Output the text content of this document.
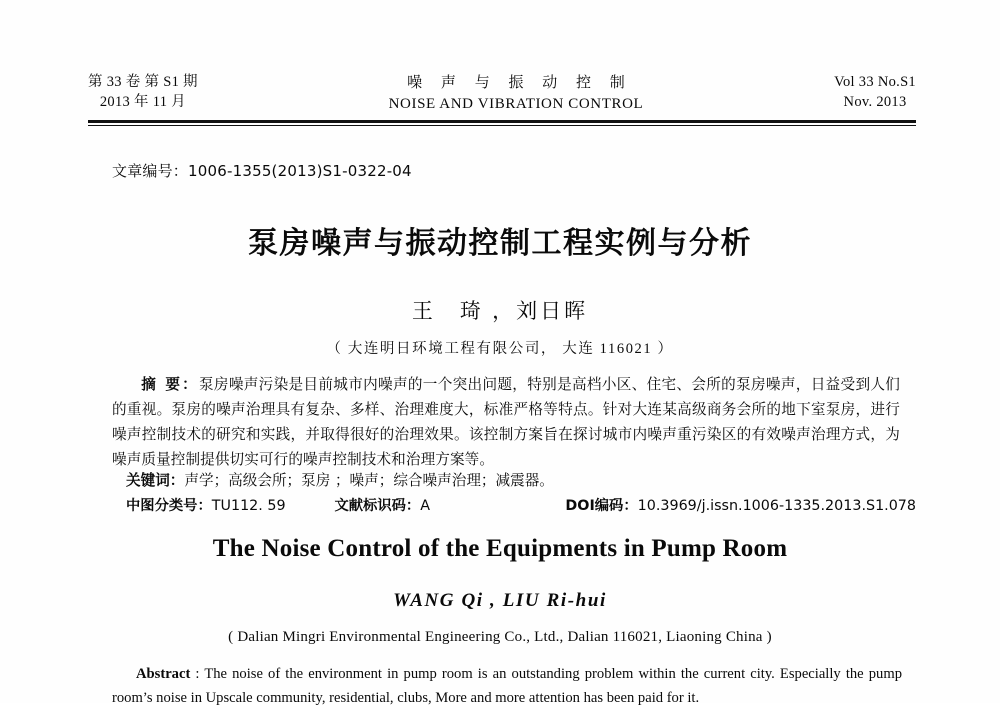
第 33 卷 第 S1 期
2013 年 11 月
噪 声 与 振 动 控 制
NOISE AND VIBRATION CONTROL
Vol 33 No.S1
Nov. 2013
文章编号：1006-1355(2013)S1-0322-04
泵房噪声与振动控制工程实例与分析
王　琦 ，刘日晖
（ 大连明日环境工程有限公司， 大连 116021 ）
摘 要：泵房噪声污染是目前城市内噪声的一个突出问题，特别是高档小区、住宅、会所的泵房噪声，日益受到人们的重视。泵房的噪声治理具有复杂、多样、治理难度大，标准严格等特点。针对大连某高级商务会所的地下室泵房，进行噪声控制技术的研究和实践，并取得很好的治理效果。该控制方案旨在探讨城市内噪声重污染区的有效噪声治理方式，为噪声质量控制提供切实可行的噪声控制技术和治理方案等。
关键词：声学；高级会所；泵房 ；噪声；综合噪声治理；减震器。
中图分类号：TU112. 59	文献标识码：A	DOI编码：10.3969/j.issn.1006-1335.2013.S1.078
The Noise Control of the Equipments in Pump Room
WANG Qi , LIU Ri-hui
( Dalian Mingri Environmental Engineering Co., Ltd., Dalian 116021, Liaoning China )
Abstract : The noise of the environment in pump room is an outstanding problem within the current city. Especially the pump room’s noise in Upscale community, residential, clubs, More and more attention has been paid for it.
